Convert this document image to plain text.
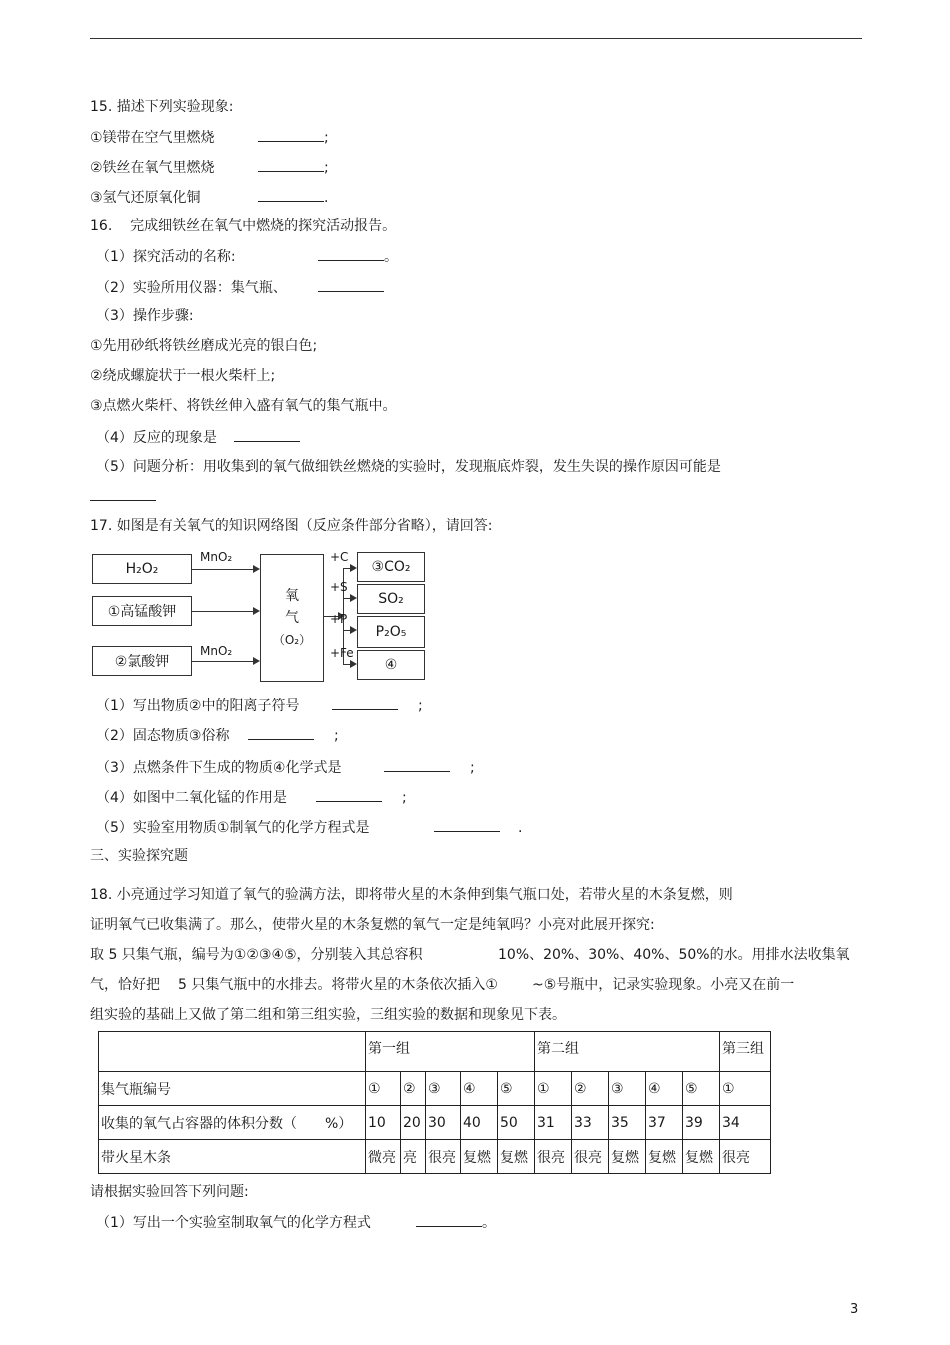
15. 描述下列实验现象:
①镁带在空气里燃烧	;
②铁丝在氧气里燃烧	;
③氢气还原氧化铜	.
16.    完成细铁丝在氧气中燃烧的探究活动报告。
（1）探究活动的名称:	。
（2）实验所用仪器：集气瓶、
（3）操作步骤:
①先用砂纸将铁丝磨成光亮的银白色;
②绕成螺旋状于一根火柴杆上;
③点燃火柴杆、将铁丝伸入盛有氧气的集气瓶中。
（4）反应的现象是
（5）问题分析：用收集到的氧气做细铁丝燃烧的实验时，发现瓶底炸裂，发生失误的操作原因可能是
17. 如图是有关氧气的知识网络图（反应条件部分省略），请回答:
H₂O₂
①高锰酸钾
②氯酸钾
MnO₂
MnO₂
氧
气
（O₂）
+C
+S
+P
+Fe
③CO₂
SO₂
P₂O₅
④
（1）写出物质②中的阳离子符号	;
（2）固态物质③俗称	;
（3）点燃条件下生成的物质④化学式是	;
（4）如图中二氧化锰的作用是	;
（5）实验室用物质①制氧气的化学方程式是	.
三、实验探究题
18. 小亮通过学习知道了氧气的验满方法，即将带火星的木条伸到集气瓶口处，若带火星的木条复燃，则
证明氧气已收集满了。那么，使带火星的木条复燃的氧气一定是纯氧吗？小亮对此展开探究:
取 5 只集气瓶，编号为①②③④⑤，分别装入其总容积	10%、20%、30%、40%、50%的水。用排水法收集氧
气，恰好把 5 只集气瓶中的水排去。将带火星的木条依次插入① ~⑤号瓶中，记录实验现象。小亮又在前一
组实验的基础上又做了第二组和第三组实验，三组实验的数据和现象见下表。
	第一组					第二组					第三组
集气瓶编号	①	②	③	④	⑤	①	②	③	④	⑤	①
收集的氧气占容器的体积分数（　　%）	10	20	30	40	50	31	33	35	37	39	34
带火星木条	微亮	亮	很亮	复燃	复燃	很亮	很亮	复燃	复燃	复燃	很亮
请根据实验回答下列问题:
（1）写出一个实验室制取氧气的化学方程式	。
3
